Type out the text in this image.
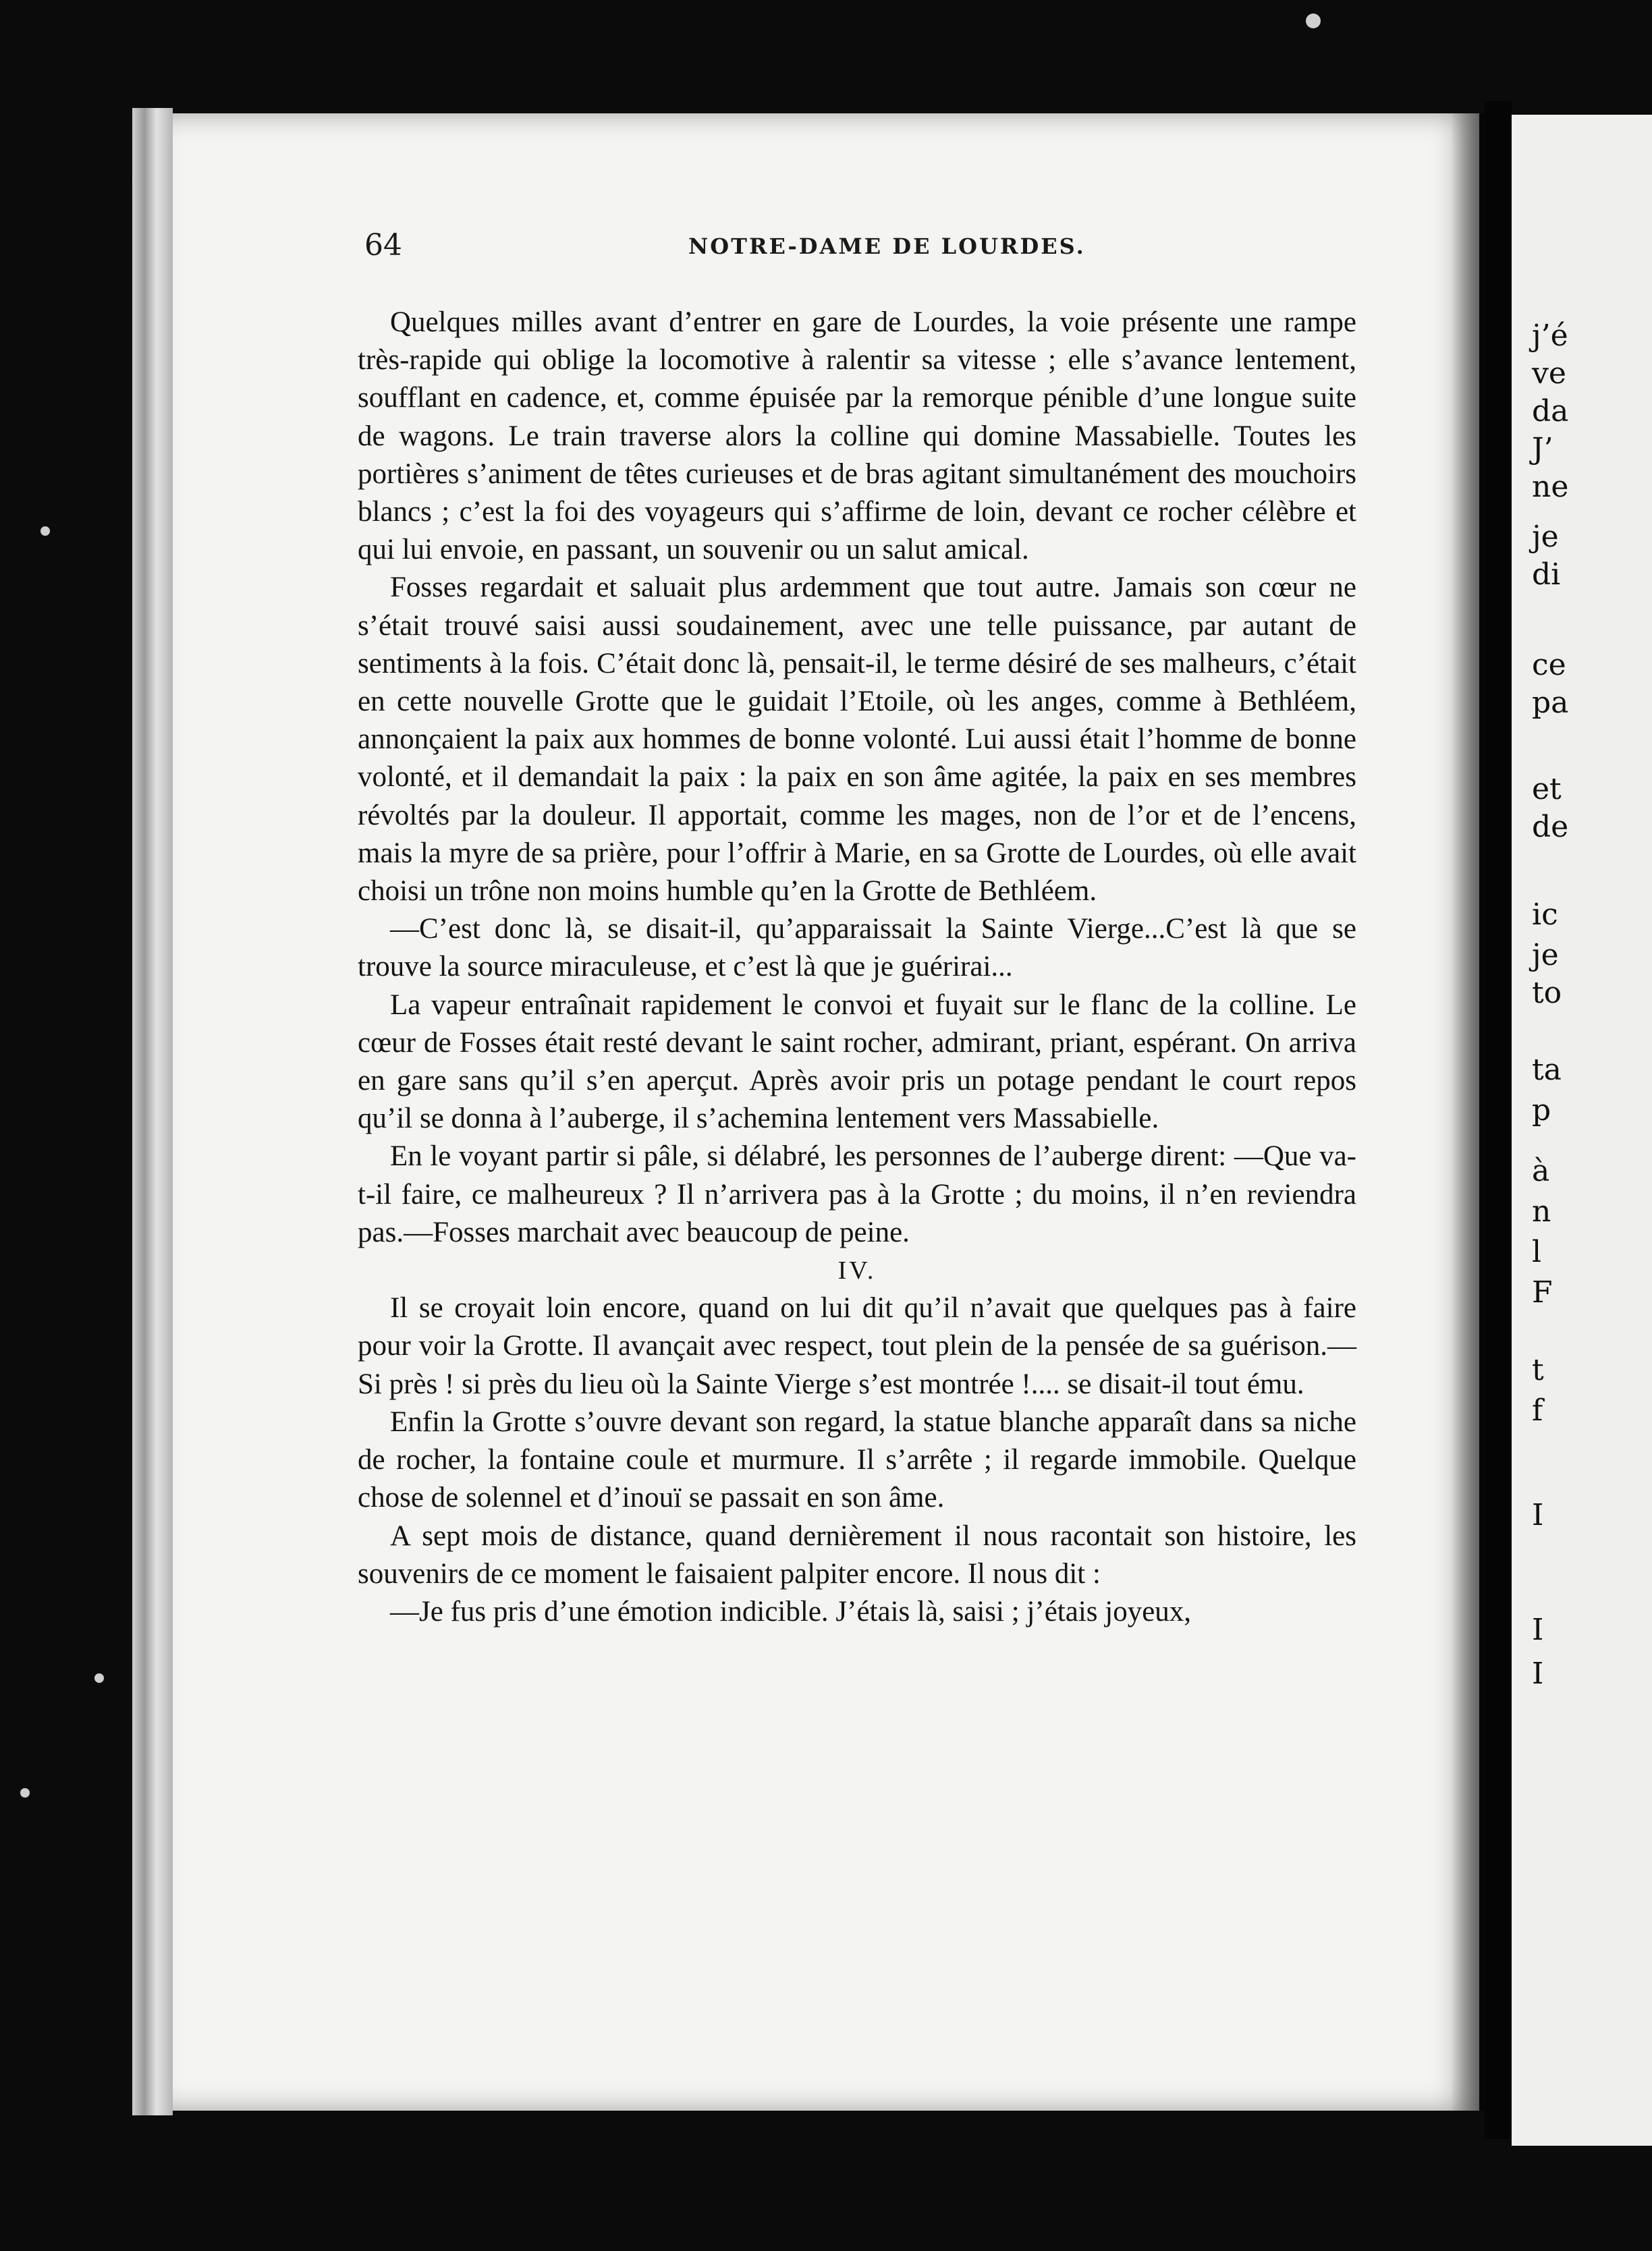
64	NOTRE-DAME DE LOURDES.

Quelques milles avant d’entrer en gare de Lourdes, la voie présente une rampe très-rapide qui oblige la locomotive à ralentir sa vitesse ; elle s’avance lentement, soufflant en cadence, et, comme épuisée par la remorque pénible d’une longue suite de wagons. Le train traverse alors la colline qui domine Massabielle. Toutes les portières s’animent de têtes curieuses et de bras agitant simultanément des mouchoirs blancs ; c’est la foi des voyageurs qui s’affirme de loin, devant ce rocher célèbre et qui lui envoie, en passant, un souvenir ou un salut amical.

Fosses regardait et saluait plus ardemment que tout autre. Jamais son cœur ne s’était trouvé saisi aussi soudainement, avec une telle puissance, par autant de sentiments à la fois. C’était donc là, pensait-il, le terme désiré de ses malheurs, c’était en cette nouvelle Grotte que le guidait l’Etoile, où les anges, comme à Bethléem, annonçaient la paix aux hommes de bonne volonté. Lui aussi était l’homme de bonne volonté, et il demandait la paix : la paix en son âme agitée, la paix en ses membres révoltés par la douleur. Il apportait, comme les mages, non de l’or et de l’encens, mais la myre de sa prière, pour l’offrir à Marie, en sa Grotte de Lourdes, où elle avait choisi un trône non moins humble qu’en la Grotte de Bethléem.

—C’est donc là, se disait-il, qu’apparaissait la Sainte Vierge...C’est là que se trouve la source miraculeuse, et c’est là que je guérirai...

La vapeur entraînait rapidement le convoi et fuyait sur le flanc de la colline. Le cœur de Fosses était resté devant le saint rocher, admirant, priant, espérant. On arriva en gare sans qu’il s’en aperçut. Après avoir pris un potage pendant le court repos qu’il se donna à l’auberge, il s’achemina lentement vers Massabielle.

En le voyant partir si pâle, si délabré, les personnes de l’auberge dirent: —Que va-t-il faire, ce malheureux ? Il n’arrivera pas à la Grotte ; du moins, il n’en reviendra pas.—Fosses marchait avec beaucoup de peine.

IV.

Il se croyait loin encore, quand on lui dit qu’il n’avait que quelques pas à faire pour voir la Grotte. Il avançait avec respect, tout plein de la pensée de sa guérison.—Si près ! si près du lieu où la Sainte Vierge s’est montrée !.... se disait-il tout ému.

Enfin la Grotte s’ouvre devant son regard, la statue blanche apparaît dans sa niche de rocher, la fontaine coule et murmure. Il s’arrête ; il regarde immobile. Quelque chose de solennel et d’inouï se passait en son âme.

A sept mois de distance, quand dernièrement il nous racontait son histoire, les souvenirs de ce moment le faisaient palpiter encore. Il nous dit :

—Je fus pris d’une émotion indicible. J’étais là, saisi ; j’étais joyeux,

j’é
ve
da
J’
ne
je
di
ce
pa
et
de
ic
je
to
ta
p
à
n
l
F
t
f
I
I
I
